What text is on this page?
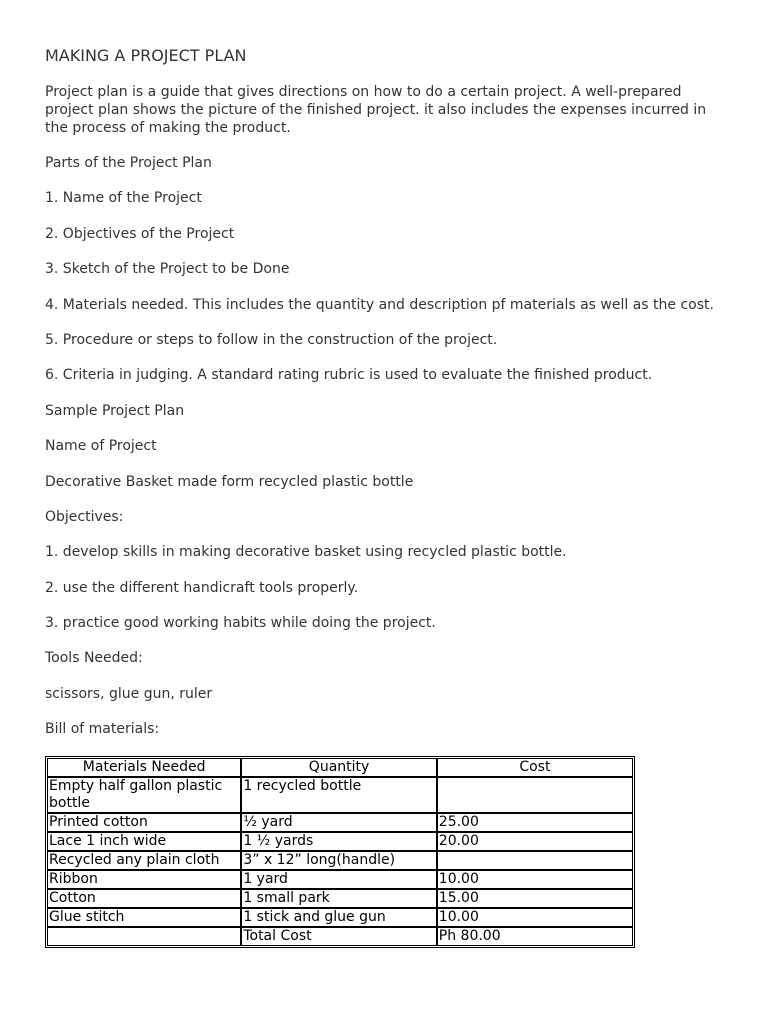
MAKING A PROJECT PLAN

Project plan is a guide that gives directions on how to do a certain project. A well-prepared project plan shows the picture of the finished project. it also includes the expenses incurred in the process of making the product.

Parts of the Project Plan

1. Name of the Project

2. Objectives of the Project

3. Sketch of the Project to be Done

4. Materials needed. This includes the quantity and description pf materials as well as the cost.

5. Procedure or steps to follow in the construction of the project.

6. Criteria in judging. A standard rating rubric is used to evaluate the finished product.

Sample Project Plan

Name of Project

Decorative Basket made form recycled plastic bottle

Objectives:

1. develop skills in making decorative basket using recycled plastic bottle.

2. use the different handicraft tools properly.

3. practice good working habits while doing the project.

Tools Needed:

scissors, glue gun, ruler

Bill of materials:

Materials Needed	Quantity	Cost
Empty half gallon plastic bottle	1 recycled bottle	
Printed cotton	½ yard	25.00
Lace 1 inch wide	1 ½ yards	20.00
Recycled any plain cloth	3” x 12” long(handle)	
Ribbon	1 yard	10.00
Cotton	1 small park	15.00
Glue stitch	1 stick and glue gun	10.00
	Total Cost	Ph 80.00
